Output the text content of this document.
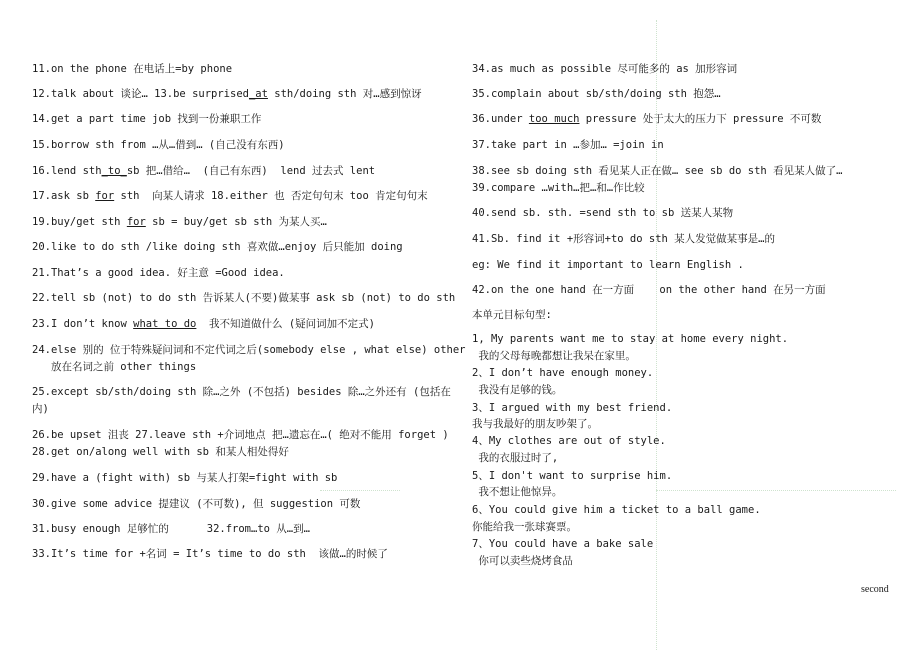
11.on the phone 在电话上=by phone
12.talk about 谈论… 13.be surprised_at sth/doing sth 对…感到惊讶
14.get a part time job 找到一份兼职工作
15.borrow sth from …从…借到… (自己没有东西)
16.lend sth_to_sb 把…借给…  (自己有东西)  lend 过去式 lent
17.ask sb for sth  向某人请求 18.either 也 否定句句末 too 肯定句句末
19.buy/get sth for sb = buy/get sb sth 为某人买…
20.like to do sth /like doing sth 喜欢做…enjoy 后只能加 doing
21.That’s a good idea. 好主意 =Good idea.
22.tell sb (not) to do sth 告诉某人(不要)做某事 ask sb (not) to do sth
23.I don’t know what to do  我不知道做什么 (疑问词加不定式)
24.else 别的 位于特殊疑问词和不定代词之后(somebody else , what else) other
放在名词之前 other things
25.except sb/sth/doing sth 除…之外 (不包括) besides 除…之外还有 (包括在
内)
26.be upset 沮丧 27.leave sth +介词地点 把…遗忘在…( 绝对不能用 forget )
28.get on/along well with sb 和某人相处得好
29.have a (fight with) sb 与某人打架=fight with sb
30.give some advice 提建议 (不可数), 但 suggestion 可数
31.busy enough 足够忙的      32.from…to 从…到…
33.It’s time for +名词 = It’s time to do sth  该做…的时候了
34.as much as possible 尽可能多的 as 加形容词
35.complain about sb/sth/doing sth 抱怨…
36.under too much pressure 处于太大的压力下 pressure 不可数
37.take part in …参加… =join in
38.see sb doing sth 看见某人正在做… see sb do sth 看见某人做了…
39.compare …with…把…和…作比较
40.send sb. sth. =send sth to sb 送某人某物
41.Sb. find it +形容词+to do sth 某人发觉做某事是…的
eg: We find it important to learn English .
42.on the one hand 在一方面    on the other hand 在另一方面
本单元目标句型:
1, My parents want me to stay at home every night.
我的父母每晚都想让我呆在家里。
2、I don’t have enough money.
我没有足够的钱。
3、I argued with my best friend.
我与我最好的朋友吵架了。
4、My clothes are out of style.
我的衣服过时了,
5、I don't want to surprise him.
我不想让他惊异。
6、You could give him a ticket to a ball game.
你能给我一张球赛票。
7、You could have a bake sale
你可以卖些烧烤食品
second
